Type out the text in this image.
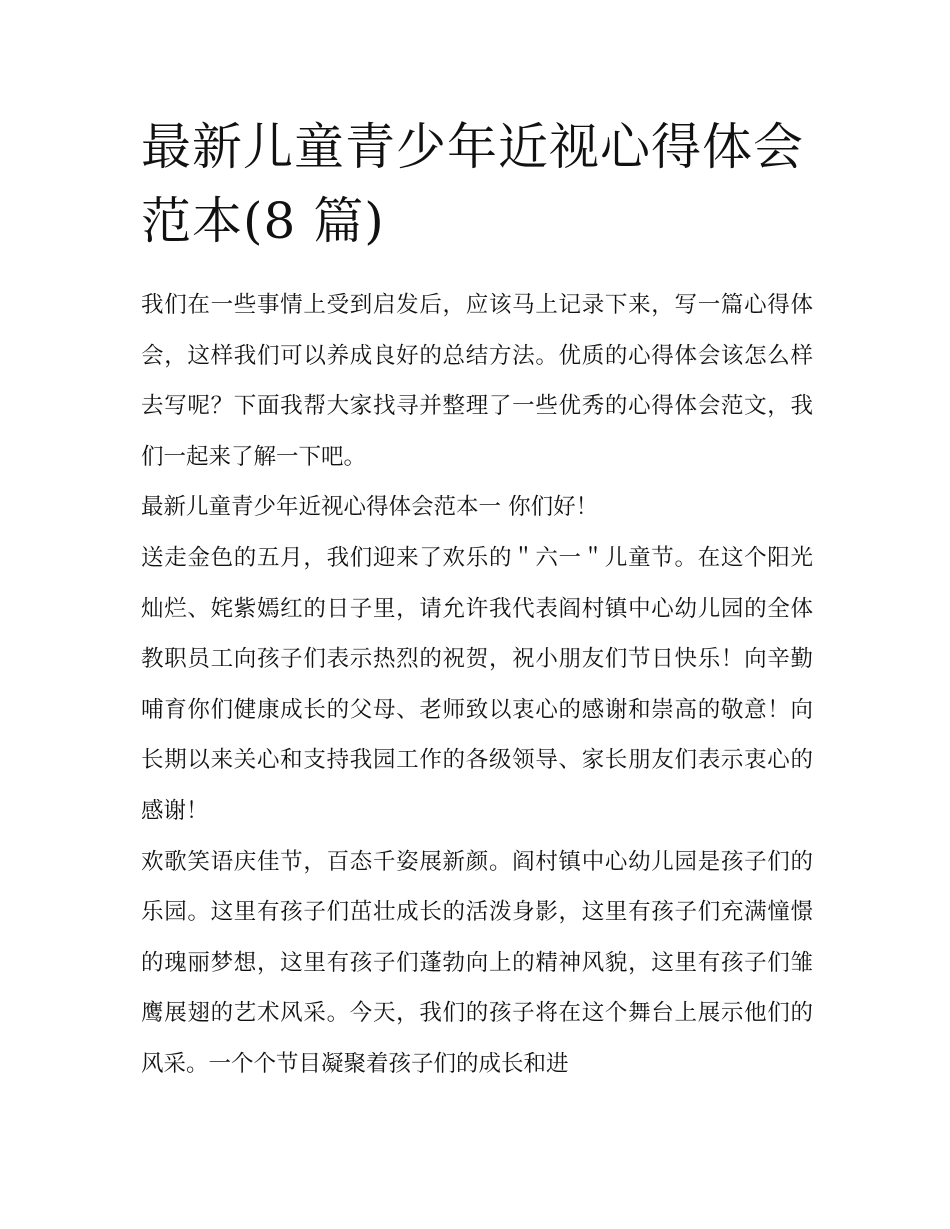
最新儿童青少年近视心得体会范本(8 篇)

我们在一些事情上受到启发后，应该马上记录下来，写一篇心得体会，这样我们可以养成良好的总结方法。优质的心得体会该怎么样去写呢？下面我帮大家找寻并整理了一些优秀的心得体会范文，我们一起来了解一下吧。

最新儿童青少年近视心得体会范本一 你们好！

送走金色的五月，我们迎来了欢乐的＂六一＂儿童节。在这个阳光灿烂、姹紫嫣红的日子里，请允许我代表阎村镇中心幼儿园的全体教职员工向孩子们表示热烈的祝贺，祝小朋友们节日快乐！向辛勤哺育你们健康成长的父母、老师致以衷心的感谢和崇高的敬意！向长期以来关心和支持我园工作的各级领导、家长朋友们表示衷心的感谢！

欢歌笑语庆佳节，百态千姿展新颜。阎村镇中心幼儿园是孩子们的乐园。这里有孩子们茁壮成长的活泼身影，这里有孩子们充满憧憬的瑰丽梦想，这里有孩子们蓬勃向上的精神风貌，这里有孩子们雏鹰展翅的艺术风采。今天，我们的孩子将在这个舞台上展示他们的风采。一个个节目凝聚着孩子们的成长和进
